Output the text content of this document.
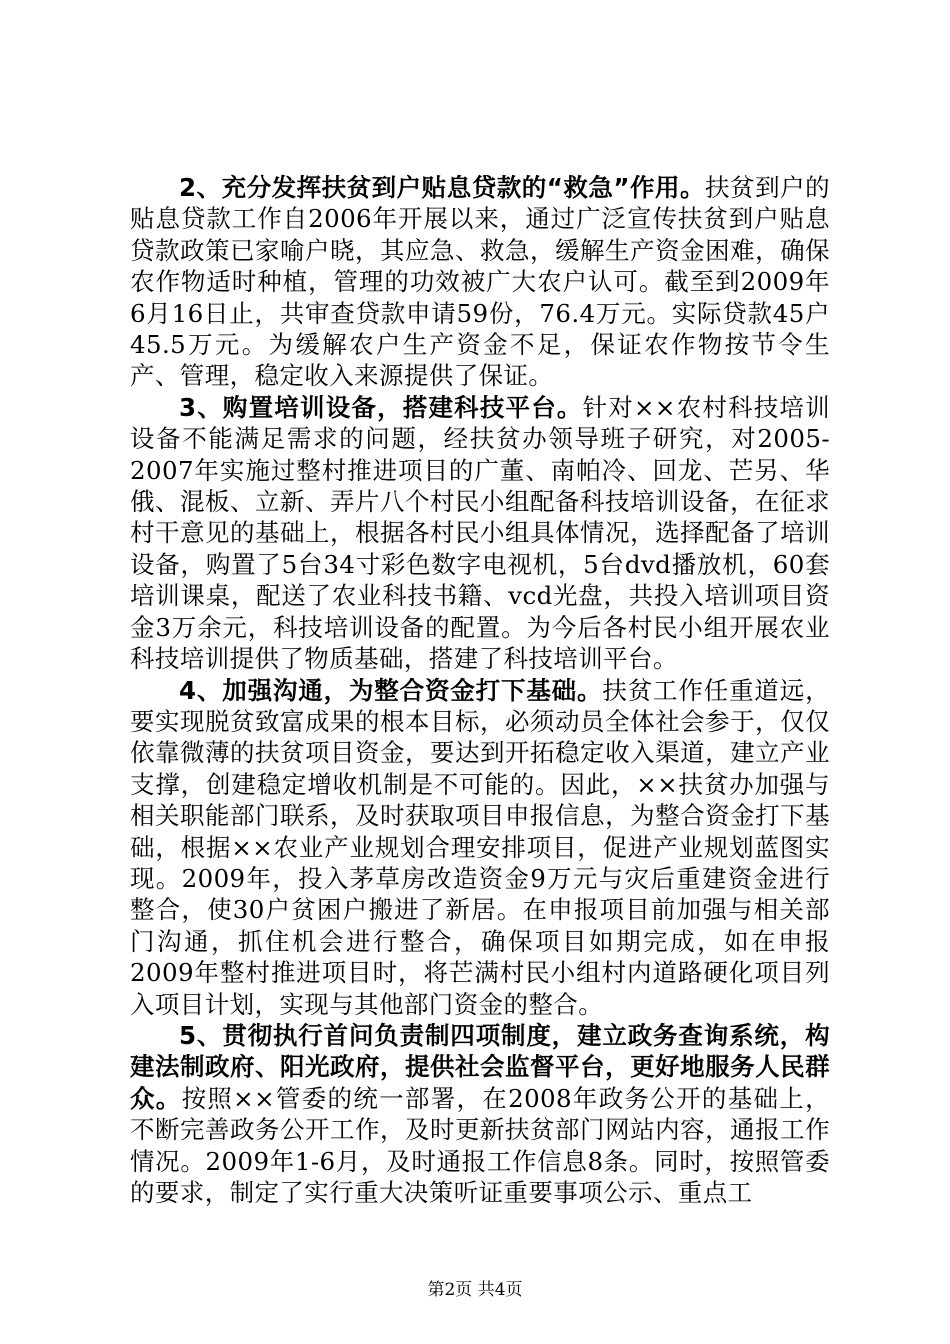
2、充分发挥扶贫到户贴息贷款的“救急”作用。扶贫到户的贴息贷款工作自2006年开展以来，通过广泛宣传扶贫到户贴息贷款政策已家喻户晓，其应急、救急，缓解生产资金困难，确保农作物适时种植，管理的功效被广大农户认可。截至到2009年6月16日止，共审查贷款申请59份，76.4万元。实际贷款45户45.5万元。为缓解农户生产资金不足，保证农作物按节令生产、管理，稳定收入来源提供了保证。

3、购置培训设备，搭建科技平台。针对××农村科技培训设备不能满足需求的问题，经扶贫办领导班子研究，对2005-2007年实施过整村推进项目的广董、南帕冷、回龙、芒另、华俄、混板、立新、弄片八个村民小组配备科技培训设备，在征求村干意见的基础上，根据各村民小组具体情况，选择配备了培训设备，购置了5台34寸彩色数字电视机，5台dvd播放机，60套培训课桌，配送了农业科技书籍、vcd光盘，共投入培训项目资金3万余元，科技培训设备的配置。为今后各村民小组开展农业科技培训提供了物质基础，搭建了科技培训平台。

4、加强沟通，为整合资金打下基础。扶贫工作任重道远，要实现脱贫致富成果的根本目标，必须动员全体社会参于，仅仅依靠微薄的扶贫项目资金，要达到开拓稳定收入渠道，建立产业支撑，创建稳定增收机制是不可能的。因此，××扶贫办加强与相关职能部门联系，及时获取项目申报信息，为整合资金打下基础，根据××农业产业规划合理安排项目，促进产业规划蓝图实现。2009年，投入茅草房改造资金9万元与灾后重建资金进行整合，使30户贫困户搬进了新居。在申报项目前加强与相关部门沟通，抓住机会进行整合，确保项目如期完成，如在申报2009年整村推进项目时，将芒满村民小组村内道路硬化项目列入项目计划，实现与其他部门资金的整合。

5、贯彻执行首问负责制四项制度，建立政务查询系统，构建法制政府、阳光政府，提供社会监督平台，更好地服务人民群众。按照××管委的统一部署，在2008年政务公开的基础上，不断完善政务公开工作，及时更新扶贫部门网站内容，通报工作情况。2009年1-6月，及时通报工作信息8条。同时，按照管委的要求，制定了实行重大决策听证重要事项公示、重点工

第2页 共4页
